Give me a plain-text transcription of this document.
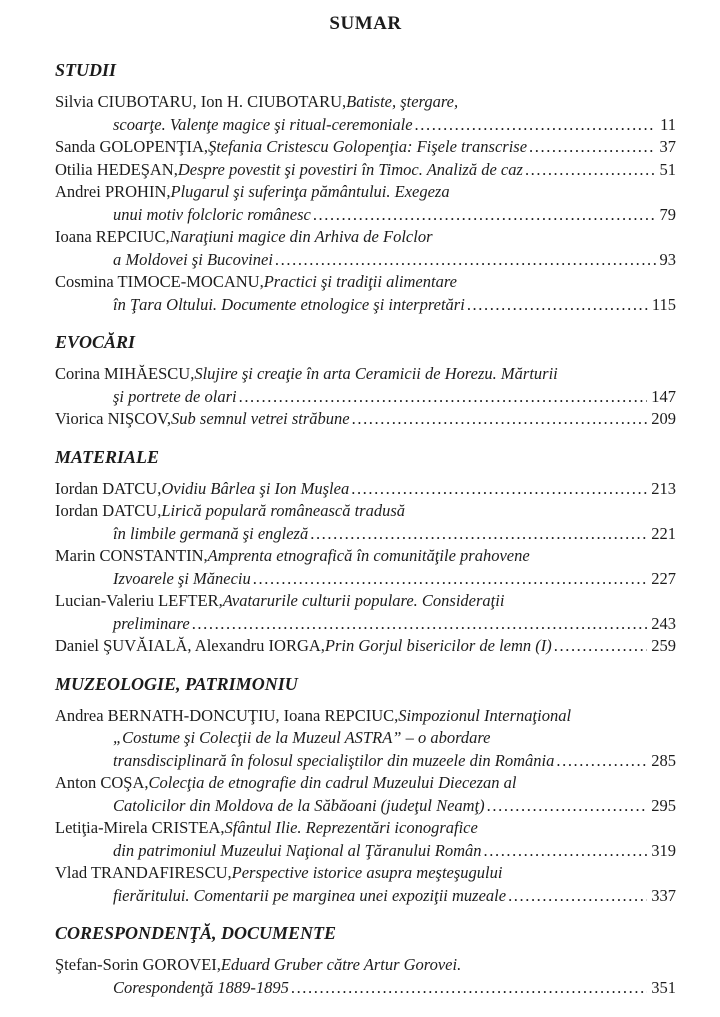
SUMAR
STUDII
Silvia CIUBOTARU, Ion H. CIUBOTARU, Batiste, ştergare,
scoarţe. Valenţe magice şi ritual-ceremoniale .....	11
Sanda GOLOPENŢIA, Ştefania Cristescu Golopenţia: Fişele transcrise .....	37
Otilia HEDEŞAN, Despre povestit şi povestiri în Timoc. Analiză de caz .....	51
Andrei PROHIN, Plugarul şi suferinţa pământului. Exegeza
unui motiv folcloric românesc .....	79
Ioana REPCIUC, Naraţiuni magice din Arhiva de Folclor
a Moldovei şi Bucovinei .....	93
Cosmina TIMOCE-MOCANU, Practici şi tradiţii alimentare
în Ţara Oltului. Documente etnologice şi interpretări .....	115
EVOCĂRI
Corina MIHĂESCU, Slujire şi creaţie în arta Ceramicii de Horezu. Mărturii
şi portrete de olari .....	147
Viorica NIŞCOV, Sub semnul vetrei străbune .....	209
MATERIALE
Iordan DATCU, Ovidiu Bârlea şi Ion Muşlea .....	213
Iordan DATCU, Lirică populară românească tradusă
în limbile germană şi engleză .....	221
Marin CONSTANTIN, Amprenta etnografică în comunităţile prahovene
Izvoarele şi Măneciu .....	227
Lucian-Valeriu LEFTER, Avatarurile culturii populare. Consideraţii
preliminare .....	243
Daniel ŞUVĂIALĂ, Alexandru IORGA, Prin Gorjul bisericilor de lemn (I) .....	259
MUZEOLOGIE, PATRIMONIU
Andrea BERNATH-DONCUŢIU, Ioana REPCIUC, Simpozionul Internaţional
„Costume şi Colecţii de la Muzeul ASTRA” – o abordare
transdisciplinară în folosul specialiştilor din muzeele din România .....	285
Anton COŞA, Colecţia de etnografie din cadrul Muzeului Diecezan al
Catolicilor din Moldova de la Săbăoani (judeţul Neamţ) .....	295
Letiţia-Mirela CRISTEA, Sfântul Ilie. Reprezentări iconografice
din patrimoniul Muzeului Naţional al Ţăranului Român .....	319
Vlad TRANDAFIRESCU, Perspective istorice asupra meşteşugului
fierăritului. Comentarii pe marginea unei expoziţii muzeale .....	337
CORESPONDENŢĂ, DOCUMENTE
Ştefan-Sorin GOROVEI, Eduard Gruber către Artur Gorovei.
Corespondenţă 1889-1895 .....	351
